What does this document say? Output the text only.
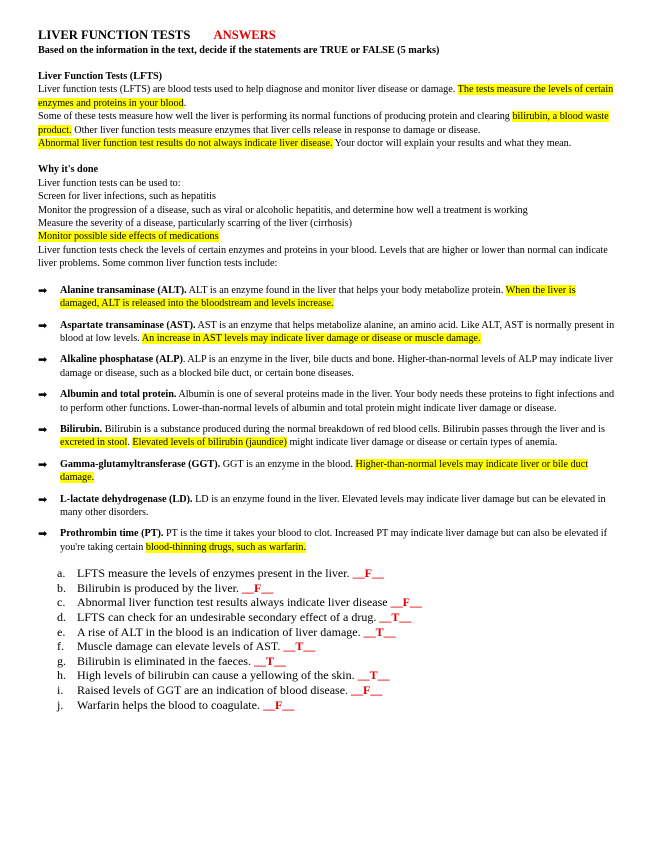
LIVER FUNCTION TESTS ANSWERS
Based on the information in the text, decide if the statements are TRUE or FALSE (5 marks)
Liver Function Tests (LFTS)
Liver function tests (LFTS) are blood tests used to help diagnose and monitor liver disease or damage. The tests measure the levels of certain enzymes and proteins in your blood.
Some of these tests measure how well the liver is performing its normal functions of producing protein and clearing bilirubin, a blood waste product. Other liver function tests measure enzymes that liver cells release in response to damage or disease.
Abnormal liver function test results do not always indicate liver disease. Your doctor will explain your results and what they mean.
Why it's done
Liver function tests can be used to:
Screen for liver infections, such as hepatitis
Monitor the progression of a disease, such as viral or alcoholic hepatitis, and determine how well a treatment is working
Measure the severity of a disease, particularly scarring of the liver (cirrhosis)
Monitor possible side effects of medications
Liver function tests check the levels of certain enzymes and proteins in your blood. Levels that are higher or lower than normal can indicate liver problems. Some common liver function tests include:
➡ Alanine transaminase (ALT). ALT is an enzyme found in the liver that helps your body metabolize protein. When the liver is damaged, ALT is released into the bloodstream and levels increase.
➡ Aspartate transaminase (AST). AST is an enzyme that helps metabolize alanine, an amino acid. Like ALT, AST is normally present in blood at low levels. An increase in AST levels may indicate liver damage or disease or muscle damage.
➡ Alkaline phosphatase (ALP). ALP is an enzyme in the liver, bile ducts and bone. Higher-than-normal levels of ALP may indicate liver damage or disease, such as a blocked bile duct, or certain bone diseases.
➡ Albumin and total protein. Albumin is one of several proteins made in the liver. Your body needs these proteins to fight infections and to perform other functions. Lower-than-normal levels of albumin and total protein might indicate liver damage or disease.
➡ Bilirubin. Bilirubin is a substance produced during the normal breakdown of red blood cells. Bilirubin passes through the liver and is excreted in stool. Elevated levels of bilirubin (jaundice) might indicate liver damage or disease or certain types of anemia.
➡ Gamma-glutamyltransferase (GGT). GGT is an enzyme in the blood. Higher-than-normal levels may indicate liver or bile duct damage.
➡ L-lactate dehydrogenase (LD). LD is an enzyme found in the liver. Elevated levels may indicate liver damage but can be elevated in many other disorders.
➡ Prothrombin time (PT). PT is the time it takes your blood to clot. Increased PT may indicate liver damage but can also be elevated if you're taking certain blood-thinning drugs, such as warfarin.
a. LFTS measure the levels of enzymes present in the liver. __F__
b. Bilirubin is produced by the liver. __F__
c. Abnormal liver function test results always indicate liver disease __F__
d. LFTS can check for an undesirable secondary effect of a drug. __T__
e. A rise of ALT in the blood is an indication of liver damage. __T__
f. Muscle damage can elevate levels of AST. __T__
g. Bilirubin is eliminated in the faeces. __T__
h. High levels of bilirubin can cause a yellowing of the skin. __T__
i. Raised levels of GGT are an indication of blood disease. __F__
j. Warfarin helps the blood to coagulate. __F__
